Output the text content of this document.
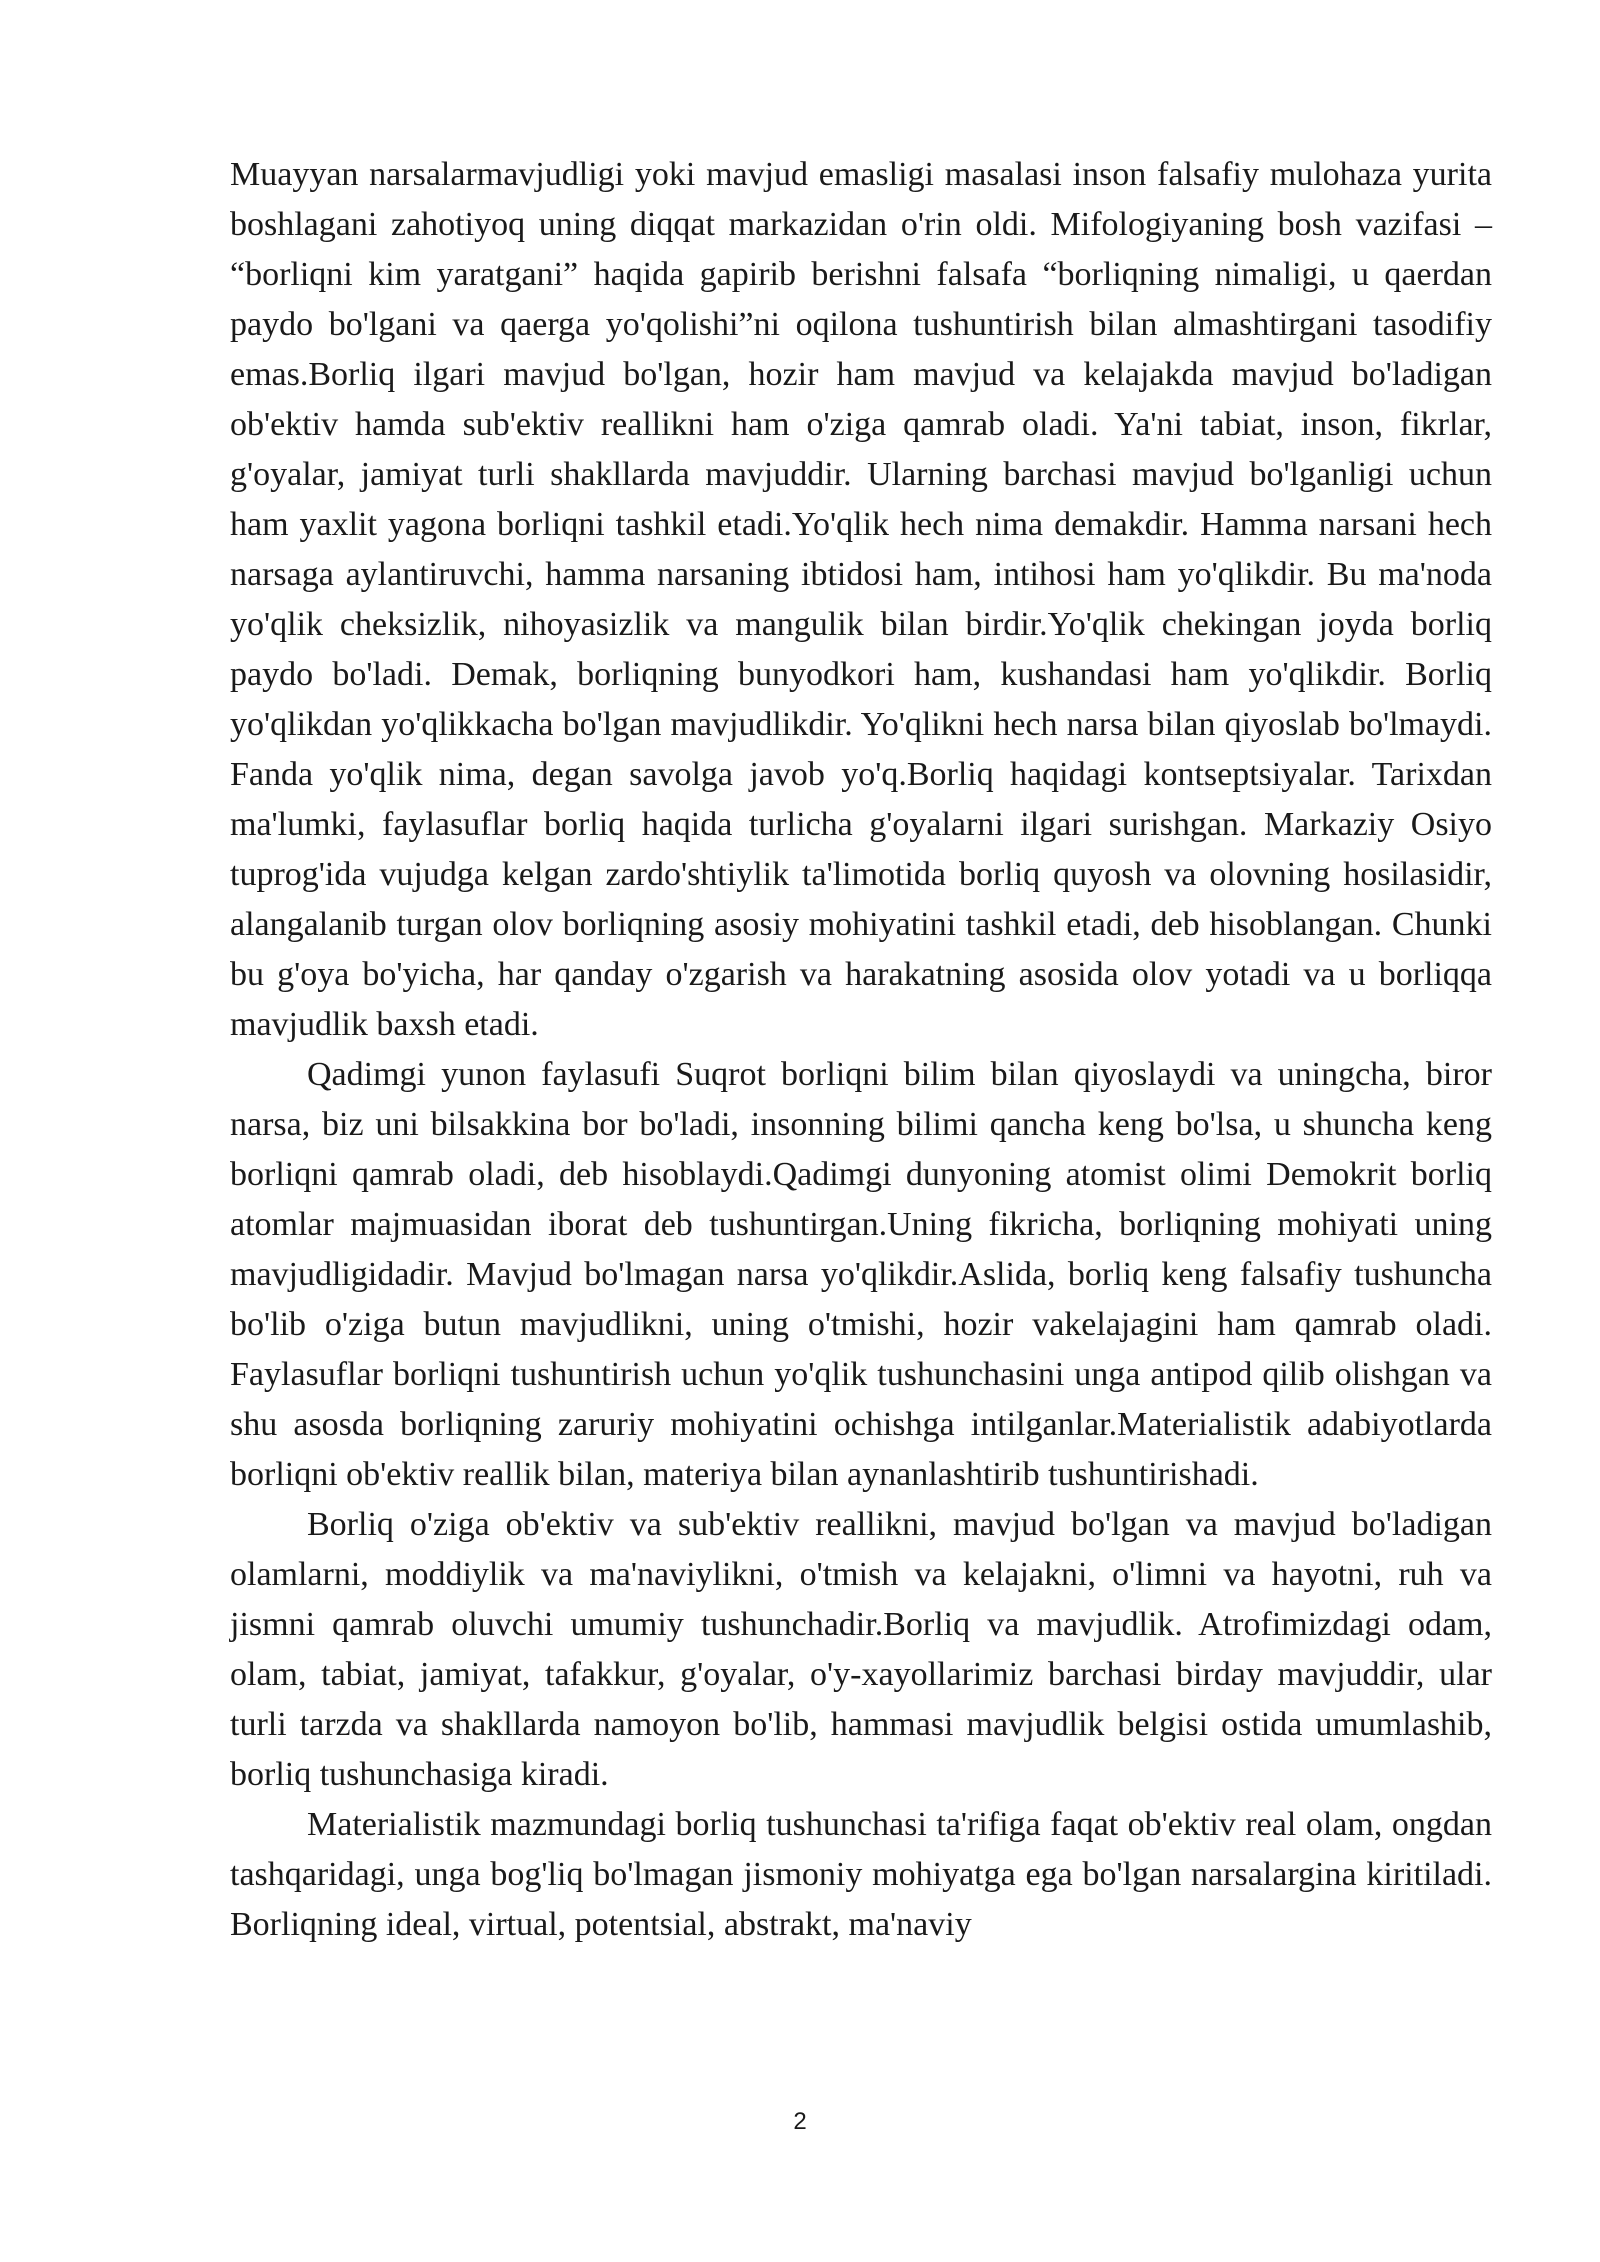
Muayyan narsalarmavjudligi yoki mavjud emasligi masalasi inson falsafiy mulohaza yurita boshlagani zahotiyoq uning diqqat markazidan o'rin oldi. Mifologiyaning bosh vazifasi – “borliqni kim yaratgani” haqida gapirib berishni falsafa “borliqning nimaligi, u qaerdan paydo bo'lgani va qaerga yo'qolishi”ni oqilona tushuntirish bilan almashtirgani tasodifiy emas.Borliq ilgari mavjud bo'lgan, hozir ham mavjud va kelajakda mavjud bo'ladigan ob'ektiv hamda sub'ektiv reallikni ham o'ziga qamrab oladi. Ya'ni tabiat, inson, fikrlar, g'oyalar, jamiyat turli shakllarda mavjuddir. Ularning barchasi mavjud bo'lganligi uchun ham yaxlit yagona borliqni tashkil etadi.Yo'qlik hech nima demakdir. Hamma narsani hech narsaga aylantiruvchi, hamma narsaning ibtidosi ham, intihosi ham yo'qlikdir. Bu ma'noda yo'qlik cheksizlik, nihoyasizlik va mangulik bilan birdir.Yo'qlik chekingan joyda borliq paydo bo'ladi. Demak, borliqning bunyodkori ham, kushandasi ham yo'qlikdir. Borliq yo'qlikdan yo'qlikkacha bo'lgan mavjudlikdir. Yo'qlikni hech narsa bilan qiyoslab bo'lmaydi. Fanda yo'qlik nima, degan savolga javob yo'q.Borliq haqidagi kontseptsiyalar. Tarixdan ma'lumki, faylasuflar borliq haqida turlicha g'oyalarni ilgari surishgan. Markaziy Osiyo tuprog'ida vujudga kelgan zardo'shtiylik ta'limotida borliq quyosh va olovning hosilasidir, alangalanib turgan olov borliqning asosiy mohiyatini tashkil etadi, deb hisoblangan. Chunki bu g'oya bo'yicha, har qanday o'zgarish va harakatning asosida olov yotadi va u borliqqa mavjudlik baxsh etadi.

Qadimgi yunon faylasufi Suqrot borliqni bilim bilan qiyoslaydi va uningcha, biror narsa, biz uni bilsakkina bor bo'ladi, insonning bilimi qancha keng bo'lsa, u shuncha keng borliqni qamrab oladi, deb hisoblaydi.Qadimgi dunyoning atomist olimi Demokrit borliq atomlar majmuasidan iborat deb tushuntirgan.Uning fikricha, borliqning mohiyati uning mavjudligidadir. Mavjud bo'lmagan narsa yo'qlikdir.Aslida, borliq keng falsafiy tushuncha bo'lib o'ziga butun mavjudlikni, uning o'tmishi, hozir vakelajagini ham qamrab oladi. Faylasuflar borliqni tushuntirish uchun yo'qlik tushunchasini unga antipod qilib olishgan va shu asosda borliqning zaruriy mohiyatini ochishga intilganlar.Materialistik adabiyotlarda borliqni ob'ektiv reallik bilan, materiya bilan aynanlashtirib tushuntirishadi.

Borliq o'ziga ob'ektiv va sub'ektiv reallikni, mavjud bo'lgan va mavjud bo'ladigan olamlarni, moddiylik va ma'naviylikni, o'tmish va kelajakni, o'limni va hayotni, ruh va jismni qamrab oluvchi umumiy tushunchadir.Borliq va mavjudlik. Atrofimizdagi odam, olam, tabiat, jamiyat, tafakkur, g'oyalar, o'y-xayollarimiz barchasi birday mavjuddir, ular turli tarzda va shakllarda namoyon bo'lib, hammasi mavjudlik belgisi ostida umumlashib, borliq tushunchasiga kiradi.

Materialistik mazmundagi borliq tushunchasi ta'rifiga faqat ob'ektiv real olam, ongdan tashqaridagi, unga bog'liq bo'lmagan jismoniy mohiyatga ega bo'lgan narsalargina kiritiladi. Borliqning ideal, virtual, potentsial, abstrakt, ma'naviy

2
